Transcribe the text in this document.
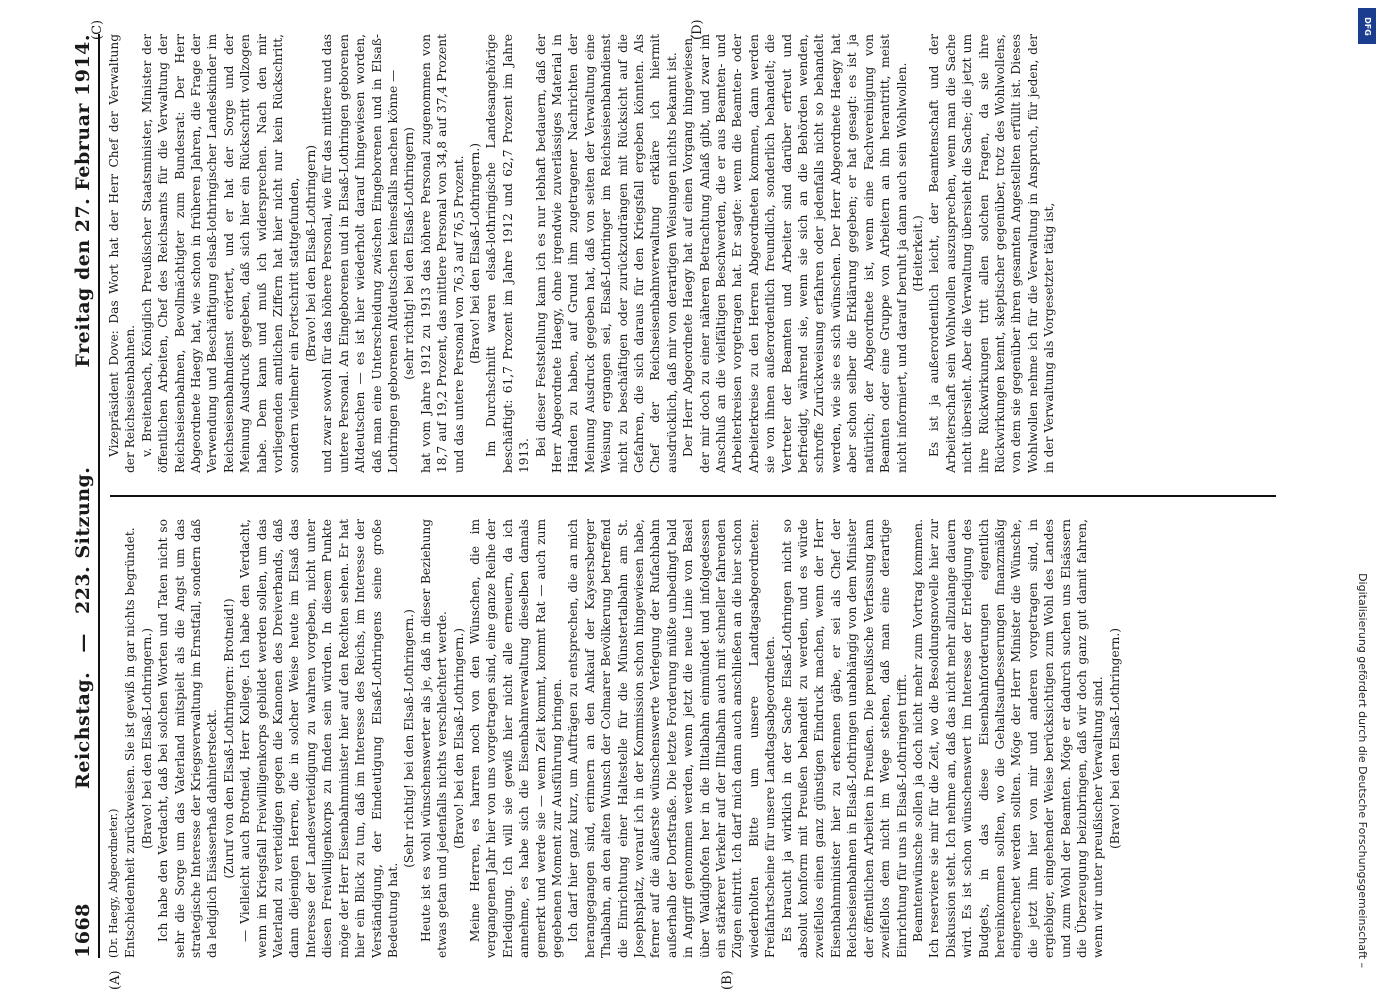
1668
Reichstag. — 223. Sitzung.
Freitag den 27. Februar 1914.

(Dr. Haegy, Abgeordneter.) Entschiedenheit zurückweisen. Sie ist gewiß in gar nichts begründet. (Bravo! bei den Elsaß-Lothringern.) Ich habe den Verdacht, daß bei solchen Worten und Taten nicht so sehr die Sorge um das Vaterland mitspielt als die Angst um das strategische Interesse der Kriegsverwaltung im Ernstfall, sondern daß da lediglich Eisässerhaß dahintersteckt. (Zuruf von den Elsaß-Lothringern: Brotneid!) — Vielleicht auch Brotneid, Herr Kollege. Ich habe den Verdacht, wenn im Kriegsfall Freiwilligenkorps gebildet werden sollen, um das Vaterland zu verteidigen gegen die Kanonen des Dreiverbands, daß dann diejenigen Herren, die in solcher Weise heute im Elsaß das Interesse der Landesverteidigung zu wahren vorgeben, nicht unter diesen Freiwilligenkorps zu finden sein würden. In diesem Punkte möge der Herr Eisenbahnminister hier auf den Rechten sehen. Er hat hier ein Blick zu tun, daß im Interesse des Reichs, im Interesse der Verständigung, der Eindeutigung Elsaß-Lothringens seine große Bedeutung hat.

(Sehr richtig! bei den Elsaß-Lothringern.) Heute ist es wohl wünschenswerter als je, daß in dieser Beziehung etwas getan und jedenfalls nichts verschlechtert werde. (Bravo! bei den Elsaß-Lothringern.) Meine Herren, es harren noch von den Wünschen, die im vergangenen Jahr hier von uns vorgetragen sind, eine ganze Reihe der Erledigung. Ich will sie gewiß hier nicht alle erneuern, da ich annehme, es habe sich die Eisenbahnverwaltung dieselben damals gemerkt und werde sie — wenn Zeit kommt, kommt Rat — auch zum gegebenen Moment zur Ausführung bringen. Ich darf hier ganz kurz, um Aufträgen zu entsprechen, die an mich herangegangen sind, erinnern an den Ankauf der Kaysersberger Thalbahn, an den alten Wunsch der Colmarer Bevölkerung betreffend die Einrichtung einer Haltestelle für die Münstertalbahn am St. Josephsplatz, worauf ich in der Kommission schon hingewiesen habe, ferner auf die äußerste wünschenswerte Verlegung der Rufachbahn außerhalb der Dorfstraße. Die letzte Forderung müßte unbedingt bald in Angriff genommen werden, wenn jetzt die neue Linie von Basel über Waldighofen her in die Illtalbahn einmündet und infolgedessen ein stärkerer Verkehr auf der Illtalbahn auch mit schneller fahrenden Zügen eintritt. Ich darf mich dann auch anschließen an die hier schon wiederholten Bitte um unsere Landtagsabgeordneten: Freifahrtscheine für unsere Landtagsabgeordneten. Es braucht ja wirklich in der Sache Elsaß-Lothringen nicht so absolut konform mit Preußen behandelt zu werden, und es würde zweifellos einen ganz günstigen Eindruck machen, wenn der Herr Eisenbahnminister hier zu erkennen gäbe, er sei als Chef der Reichseisenbahnen in Elsaß-Lothringen unabhängig von dem Minister der öffentlichen Arbeiten in Preußen. Die preußische Verfassung kann zweifellos dem nicht im Wege stehen, daß man eine derartige Einrichtung für uns in Elsaß-Lothringen trifft. Beamtenwünsche sollen ja doch nicht mehr zum Vortrag kommen. Ich reserviere sie mir für die Zeit, wo die Besoldungsnovelle hier zur Diskussion steht. Ich nehme an, daß das nicht mehr allzulange dauern wird. Es ist schon wünschenswert im Interesse der Erledigung des Budgets, in das diese Eisenbahnforderungen eigentlich hereinkommen sollten, wo die Gehaltsaufbesserungen finanzmäßig eingerechnet werden sollten. Möge der Herr Minister die Wünsche, die jetzt ihm hier von mir und anderen vorgetragen sind, in ergiebiger, eingehender Weise berücksichtigen zum Wohl des Landes und zum Wohl der Beamten. Möge er dadurch suchen uns Elsässern die Überzeugung beizubringen, daß wir doch ganz gut damit fahren, wenn wir unter preußischer Verwaltung sind. (Bravo! bei den Elsaß-Lothringern.)

Vizepräsident Dove: Das Wort hat der Herr Chef der Verwaltung der Reichseisenbahnen. v. Breitenbach, Königlich Preußischer Staatsminister, Minister der öffentlichen Arbeiten, Chef des Reichsamts für die Verwaltung der Reichseisenbahnen, Bevollmächtigter zum Bundesrat: Der Herr Abgeordnete Haegy hat, wie schon in früheren Jahren, die Frage der Verwendung und Beschäftigung elsaß-lothringischer Landeskinder im Reichseisenbahndienst erörtert, und er hat der Sorge und der Meinung Ausdruck gegeben, daß sich hier ein Rückschritt vollzogen habe. Dem kann und muß ich widersprechen. Nach den mir vorliegenden amtlichen Ziffern hat hier nicht nur kein Rückschritt, sondern vielmehr ein Fortschritt stattgefunden, (Bravo! bei den Elsaß-Lothringern) und zwar sowohl für das höhere Personal, wie für das mittlere und das untere Personal. An Eingeborenen und in Elsaß-Lothringen geborenen Altdeutschen — es ist hier wiederholt darauf hingewiesen worden, daß man eine Unterscheidung zwischen Eingeborenen und in Elsaß-Lothringen geborenen Altdeutschen keinesfalls machen könne — (sehr richtig! bei den Elsaß-Lothringern) hat vom Jahre 1912 zu 1913 das höhere Personal zugenommen von 18,7 auf 19,2 Prozent, das mittlere Personal von 34,8 auf 37,4 Prozent und das untere Personal von 76,3 auf 76,5 Prozent. (Bravo! bei den Elsaß-Lothringern.) Im Durchschnitt waren elsaß-lothringische Landesangehörige beschäftigt: 61,7 Prozent im Jahre 1912 und 62,7 Prozent im Jahre 1913. Bei dieser Feststellung kann ich es nur lebhaft bedauern, daß der Herr Abgeordnete Haegy, ohne irgendwie zuverlässiges Material in Händen zu haben, auf Grund ihm zugetragener Nachrichten der Meinung Ausdruck gegeben hat, daß von seiten der Verwaltung eine Weisung ergangen sei, Elsaß-Lothringer im Reichseisenbahndienst nicht zu beschäftigen oder zurückzudrängen mit Rücksicht auf die Gefahren, die sich daraus für den Kriegsfall ergeben könnten. Als Chef der Reichseisenbahnverwaltung erkläre ich hiermit ausdrücklich, daß mir von derartigen Weisungen nichts bekannt ist. Der Herr Abgeordnete Haegy hat auf einen Vorgang hingewiesen, der mir doch zu einer näheren Betrachtung Anlaß gibt, und zwar im Anschluß an die vielfältigen Beschwerden, die er aus Beamten- und Arbeiterkreisen vorgetragen hat. Er sagte: wenn die Beamten- oder Arbeiterkreise zu den Herren Abgeordneten kommen, dann werden sie von ihnen außerordentlich freundlich, sonderlich behandelt; die Vertreter der Beamten und Arbeiter sind darüber erfreut und befriedigt, während sie, wenn sie sich an die Behörden wenden, schroffe Zurückweisung erfahren oder jedenfalls nicht so behandelt werden, wie sie es sich wünschen. Der Herr Abgeordnete Haegy hat aber schon selber die Erklärung gegeben; er hat gesagt: es ist ja natürlich; der Abgeordnete ist, wenn eine Fachvereinigung von Beamten oder eine Gruppe von Arbeitern an ihn herantritt, meist nicht informiert, und darauf beruht ja dann auch sein Wohlwollen. (Heiterkeit.) Es ist ja außerordentlich leicht, der Beamtenschaft und der Arbeiterschaft sein Wohlwollen auszusprechen, wenn man die Sache nicht übersieht. Aber die Verwaltung übersieht die Sache; die jetzt um ihre Rückwirkungen tritt allen solchen Fragen, da sie ihre Rückwirkungen kennt, skeptischer gegenüber, trotz des Wohlwollens, von dem sie gegenüber ihren gesamten Angestellten erfüllt ist. Dieses Wohlwollen nehme ich für die Verwaltung in Anspruch, für jeden, der in der Verwaltung als Vorgesetzter tätig ist,

(A)	(B)
(C)	(D)
Digitalisierung gefördert durch die Deutsche Forschungsgemeinschaft –
DFG
